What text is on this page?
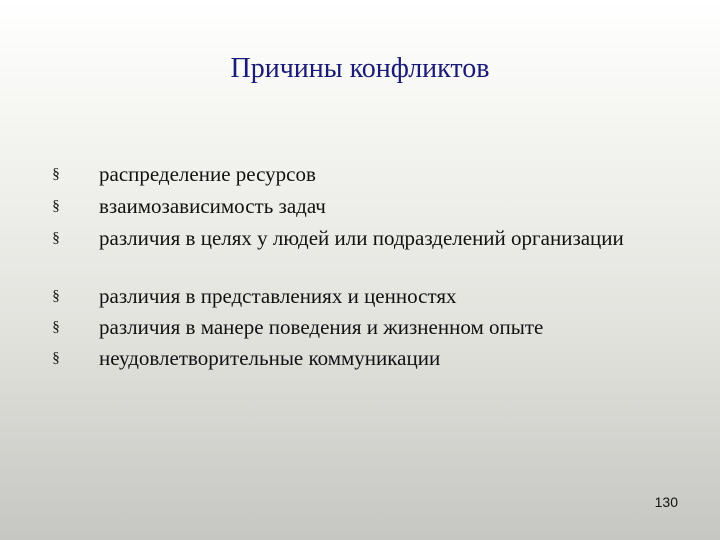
Причины конфликтов
§ распределение ресурсов
§ взаимозависимость задач
§ различия в целях у людей или подразделений организации
§ различия в представлениях и ценностях
§ различия в манере поведения и жизненном опыте
§ неудовлетворительные коммуникации
130
